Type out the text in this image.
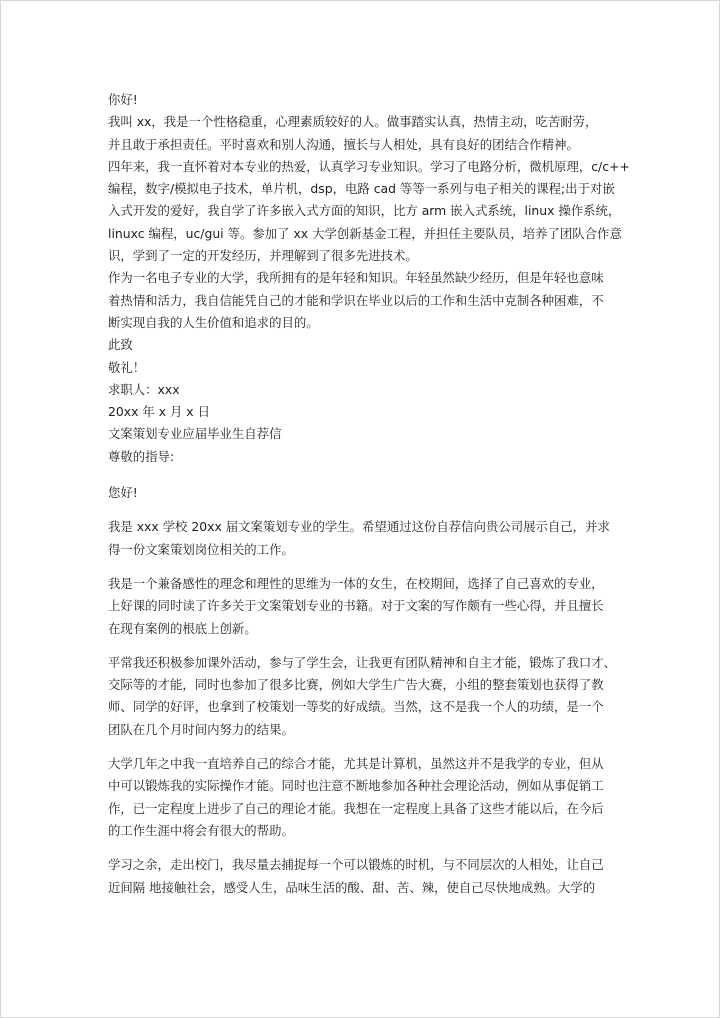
你好!
我叫 xx，我是一个性格稳重，心理素质较好的人。做事踏实认真，热情主动，吃苦耐劳，
并且敢于承担责任。平时喜欢和别人沟通，擅长与人相处，具有良好的团结合作精神。
四年来，我一直怀着对本专业的热爱，认真学习专业知识。学习了电路分析，微机原理，c/c++
编程，数字/模拟电子技术，单片机，dsp，电路 cad 等等一系列与电子相关的课程;出于对嵌
入式开发的爱好，我自学了许多嵌入式方面的知识，比方 arm 嵌入式系统，linux 操作系统，
linuxc 编程，uc/gui 等。参加了 xx 大学创新基金工程，并担任主要队员，培养了团队合作意
识，学到了一定的开发经历，并理解到了很多先进技术。
作为一名电子专业的大学，我所拥有的是年轻和知识。年轻虽然缺少经历，但是年轻也意味
着热情和活力，我自信能凭自己的才能和学识在毕业以后的工作和生活中克制各种困难，不
断实现自我的人生价值和追求的目的。
此致
敬礼！
求职人：xxx
20xx 年 x 月 x 日
文案策划专业应届毕业生自荐信
尊敬的指导:
您好!
我是 xxx 学校 20xx 届文案策划专业的学生。希望通过这份自荐信向贵公司展示自己，并求
得一份文案策划岗位相关的工作。
我是一个兼备感性的理念和理性的思维为一体的女生，在校期间，选择了自己喜欢的专业，
上好课的同时读了许多关于文案策划专业的书籍。对于文案的写作颇有一些心得，并且擅长
在现有案例的根底上创新。
平常我还积极参加课外活动，参与了学生会，让我更有团队精神和自主才能，锻炼了我口才、
交际等的才能，同时也参加了很多比赛，例如大学生广告大赛，小组的整套策划也获得了教
师、同学的好评，也拿到了校策划一等奖的好成绩。当然，这不是我一个人的功绩，是一个
团队在几个月时间内努力的结果。
大学几年之中我一直培养自己的综合才能，尤其是计算机，虽然这并不是我学的专业，但从
中可以锻炼我的实际操作才能。同时也注意不断地参加各种社会理论活动，例如从事促销工
作，已一定程度上进步了自己的理论才能。我想在一定程度上具备了这些才能以后，在今后
的工作生涯中将会有很大的帮助。
学习之余，走出校门，我尽量去捕捉每一个可以锻炼的时机，与不同层次的人相处，让自己
近间隔 地接触社会，感受人生，品味生活的酸、甜、苦、辣，使自己尽快地成熟。大学的
